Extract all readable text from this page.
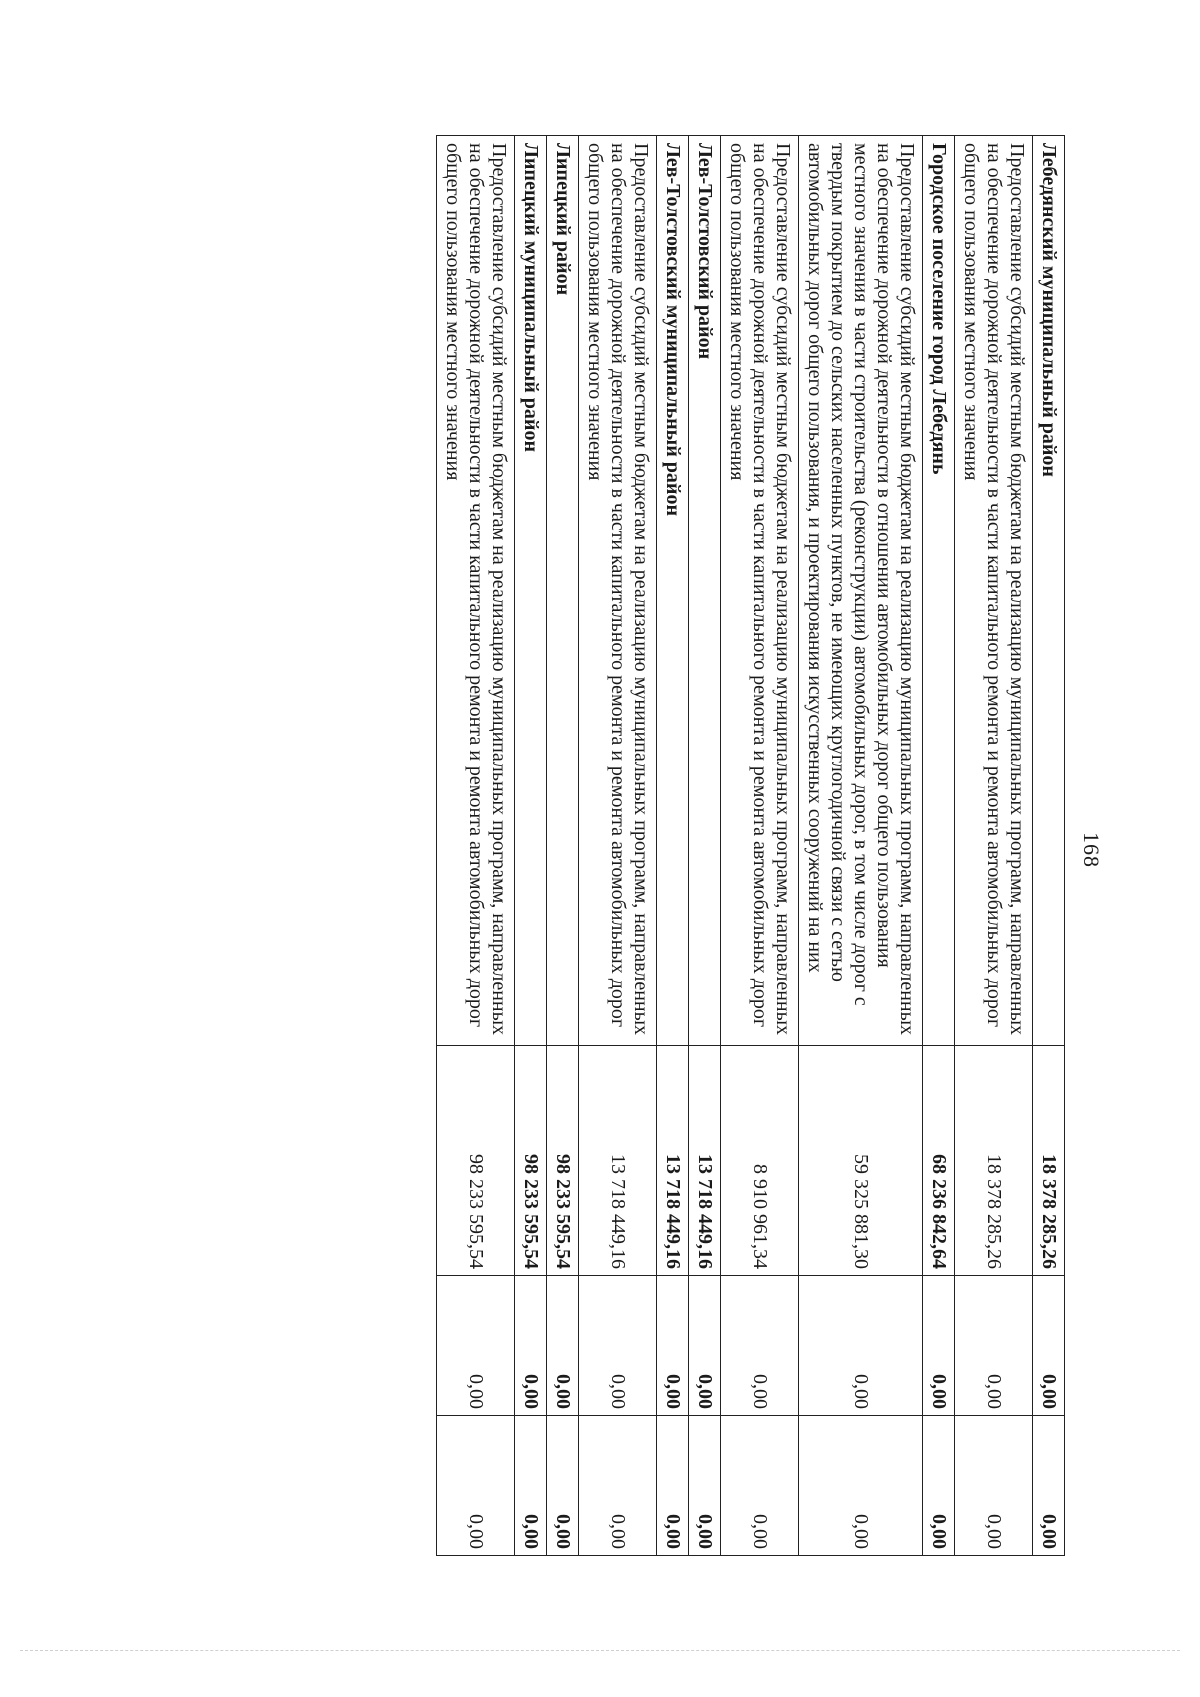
168
Лебедянский муниципальный район	18 378 285,26	0,00	0,00
Предоставление субсидий местным бюджетам на реализацию муниципальных программ, направленных на обеспечение дорожной деятельности в части капитального ремонта и ремонта автомобильных дорог общего пользования местного значения	18 378 285,26	0,00	0,00
Городское поселение город Лебедянь	68 236 842,64	0,00	0,00
Предоставление субсидий местным бюджетам на реализацию муниципальных программ, направленных на обеспечение дорожной деятельности в отношении автомобильных дорог общего пользования местного значения в части строительства (реконструкции) автомобильных дорог, в том числе дорог с твердым покрытием до сельских населенных пунктов, не имеющих круглогодичной связи с сетью автомобильных дорог общего пользования, и проектирования искусственных сооружений на них	59 325 881,30	0,00	0,00
Предоставление субсидий местным бюджетам на реализацию муниципальных программ, направленных на обеспечение дорожной деятельности в части капитального ремонта и ремонта автомобильных дорог общего пользования местного значения	8 910 961,34	0,00	0,00
Лев-Толстовский район	13 718 449,16	0,00	0,00
Лев-Толстовский муниципальный район	13 718 449,16	0,00	0,00
Предоставление субсидий местным бюджетам на реализацию муниципальных программ, направленных на обеспечение дорожной деятельности в части капитального ремонта и ремонта автомобильных дорог общего пользования местного значения	13 718 449,16	0,00	0,00
Липецкий район	98 233 595,54	0,00	0,00
Липецкий муниципальный район	98 233 595,54	0,00	0,00
Предоставление субсидий местным бюджетам на реализацию муниципальных программ, направленных на обеспечение дорожной деятельности в части капитального ремонта и ремонта автомобильных дорог общего пользования местного значения	98 233 595,54	0,00	0,00
